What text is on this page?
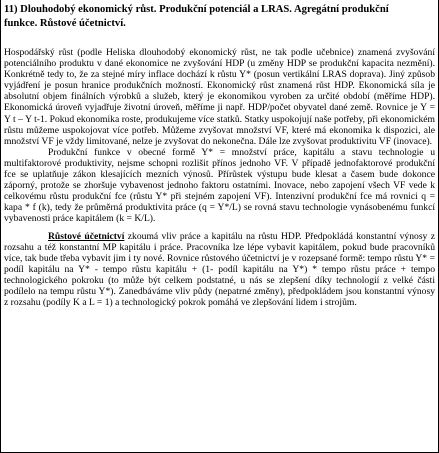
11) Dlouhodobý ekonomický růst. Produkční potenciál a LRAS. Agregátní produkční
funkce. Růstové účetnictví.

Hospodářský růst (podle Heliska dlouhodobý ekonomický růst, ne tak podle učebnice) znamená zvyšování potenciálního produktu v dané ekonomice ne zvyšování HDP (u změny HDP se produkční kapacita nezmění). Konkrétně tedy to, že za stejné míry inflace dochází k růstu Y* (posun vertikální LRAS doprava). Jiný způsob vyjádření je posun hranice produkčních možností. Ekonomický růst znamená růst HDP. Ekonomická síla je absolutní objem finálních výrobků a služeb, který je ekonomikou vyroben za určité období (měříme HDP). Ekonomická úroveň vyjadřuje životní úroveň, měříme ji např. HDP/počet obyvatel dané země. Rovnice je Y = Y t – Y t-1. Pokud ekonomika roste, produkujeme více statků. Statky uspokojují naše potřeby, při ekonomickém růstu můžeme uspokojovat více potřeb. Můžeme zvyšovat množství VF, které má ekonomika k dispozici, ale množství VF je vždy limitované, nelze je zvyšovat do nekonečna. Dále lze zvyšovat produktivitu VF (inovace).

Produkční funkce v obecné formě Y* = množství práce, kapitálu a stavu technologie u multifaktorové produktivity, nejsme schopni rozlišit přínos jednoho VF. V případě jednofaktorové produkční fce se uplatňuje zákon klesajících mezních výnosů. Přírůstek výstupu bude klesat a časem bude dokonce záporný, protože se zhoršuje vybavenost jednoho faktoru ostatními. Inovace, nebo zapojení všech VF vede k celkovému růstu produkční fce (růstu Y* při stejném zapojení VF). Intenzivní produkční fce má rovnici q = kapa * f (k), tedy že průměrná produktivita práce (q = Y*/L) se rovná stavu technologie vynásobenému funkcí vybavenosti práce kapitálem (k = K/L).

Růstové účetnictví zkoumá vliv práce a kapitálu na růstu HDP. Předpokládá konstantní výnosy z rozsahu a též konstantní MP kapitálu i práce. Pracovníka lze lépe vybavit kapitálem, pokud bude pracovníků více, tak bude třeba vybavit jim i ty nové. Rovnice růstového účetnictví je v rozepsané formě: tempo růstu Y* = podíl kapitálu na Y* - tempo růstu kapitálu + (1- podíl kapitálu na Y*) * tempo růstu práce + tempo technologického pokroku (to může být celkem podstatné, u nás se zlepšení díky technologií z velké části podílelo na tempu růstu Y*). Zanedbáváme vliv půdy (nepatrné změny), předpokládem jsou konstantní výnosy z rozsahu (podíly K a L = 1) a technologický pokrok pomáhá ve zlepšování lidem i strojům.
